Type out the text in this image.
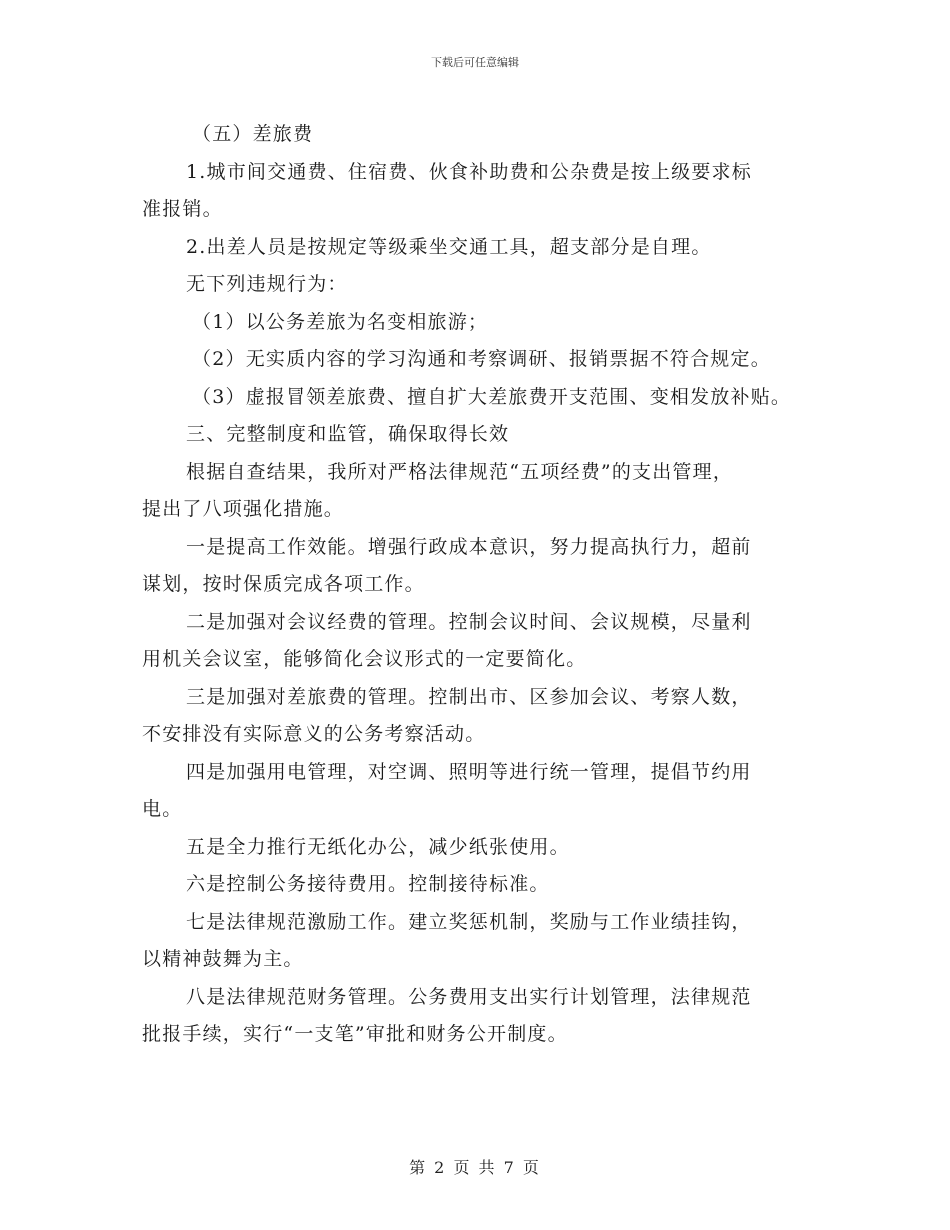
下载后可任意编辑
（五）差旅费
1.城市间交通费、住宿费、伙食补助费和公杂费是按上级要求标
准报销。
2.出差人员是按规定等级乘坐交通工具，超支部分是自理。
无下列违规行为：
（1）以公务差旅为名变相旅游；
（2）无实质内容的学习沟通和考察调研、报销票据不符合规定。
（3）虚报冒领差旅费、擅自扩大差旅费开支范围、变相发放补贴。
三、完整制度和监管，确保取得长效
根据自查结果，我所对严格法律规范“五项经费”的支出管理，
提出了八项强化措施。
一是提高工作效能。增强行政成本意识，努力提高执行力，超前
谋划，按时保质完成各项工作。
二是加强对会议经费的管理。控制会议时间、会议规模，尽量利
用机关会议室，能够简化会议形式的一定要简化。
三是加强对差旅费的管理。控制出市、区参加会议、考察人数，
不安排没有实际意义的公务考察活动。
四是加强用电管理，对空调、照明等进行统一管理，提倡节约用
电。
五是全力推行无纸化办公，减少纸张使用。
六是控制公务接待费用。控制接待标准。
七是法律规范激励工作。建立奖惩机制，奖励与工作业绩挂钩，
以精神鼓舞为主。
八是法律规范财务管理。公务费用支出实行计划管理，法律规范
批报手续，实行“一支笔”审批和财务公开制度。
第 2 页 共 7 页
